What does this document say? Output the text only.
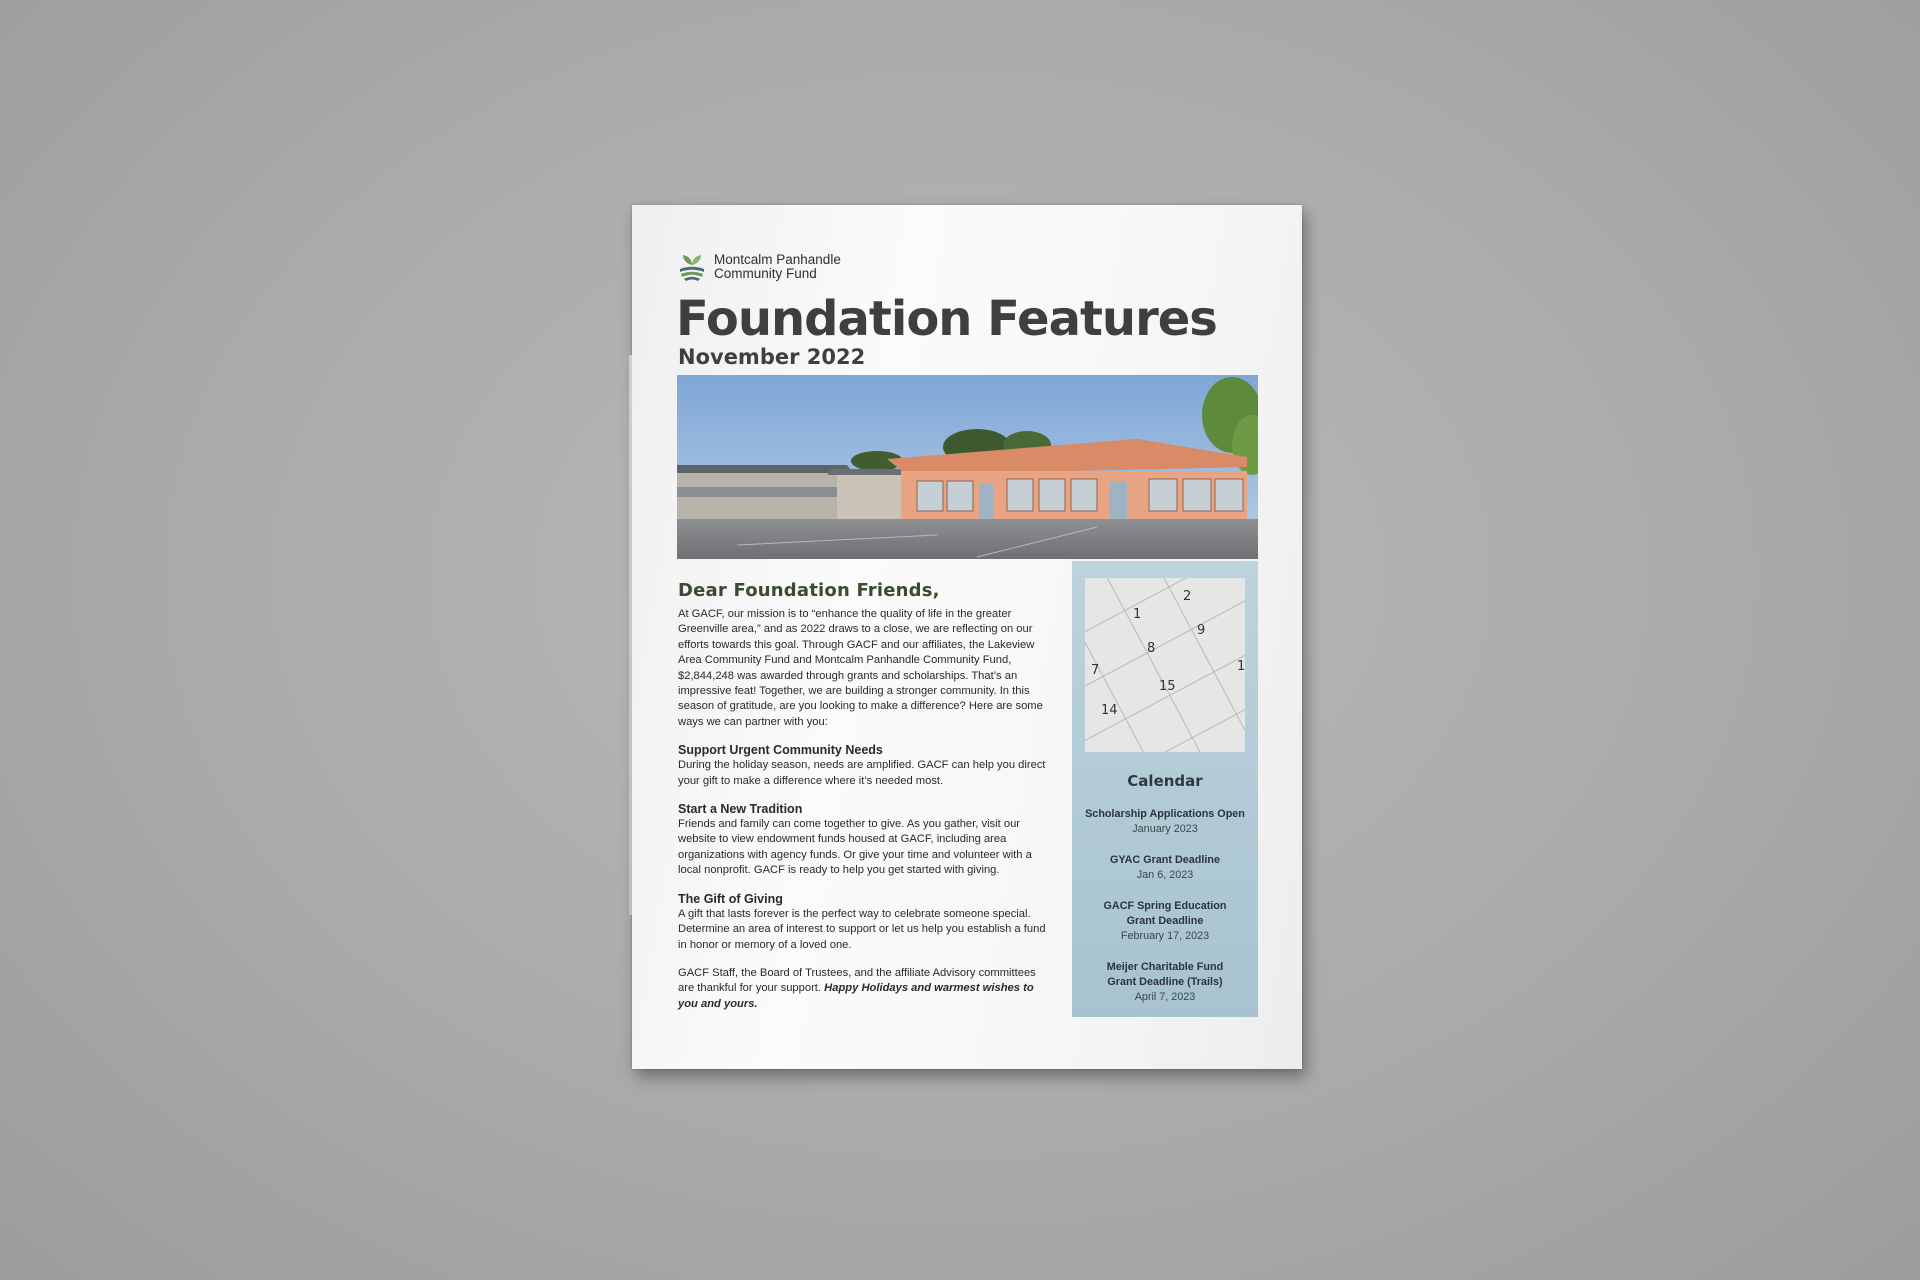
Montcalm Panhandle
Community Fund
Foundation Features
November 2022
Dear Foundation Friends,

At GACF, our mission is to “enhance the quality of life in the greater Greenville area,” and as 2022 draws to a close, we are reflecting on our efforts towards this goal. Through GACF and our affiliates, the Lakeview Area Community Fund and Montcalm Panhandle Community Fund, $2,844,248 was awarded through grants and scholarships. That’s an impressive feat! Together, we are building a stronger community. In this season of gratitude, are you looking to make a difference? Here are some ways we can partner with you:

Support Urgent Community Needs

During the holiday season, needs are amplified. GACF can help you direct your gift to make a difference where it’s needed most.

Start a New Tradition

Friends and family can come together to give. As you gather, visit our website to view endowment funds housed at GACF, including area organizations with agency funds. Or give your time and volunteer with a local nonprofit. GACF is ready to help you get started with giving.

The Gift of Giving

A gift that lasts forever is the perfect way to celebrate someone special. Determine an area of interest to support or let us help you establish a fund in honor or memory of a loved one.

GACF Staff, the Board of Trustees, and the affiliate Advisory committees are thankful for your support. Happy Holidays and warmest wishes to you and yours.

1
2
7
8
9
14
15
1
Calendar
Scholarship Applications Open
January 2023
GYAC Grant Deadline
Jan 6, 2023
GACF Spring Education Grant Deadline
February 17, 2023
Meijer Charitable Fund Grant Deadline (Trails)
April 7, 2023
